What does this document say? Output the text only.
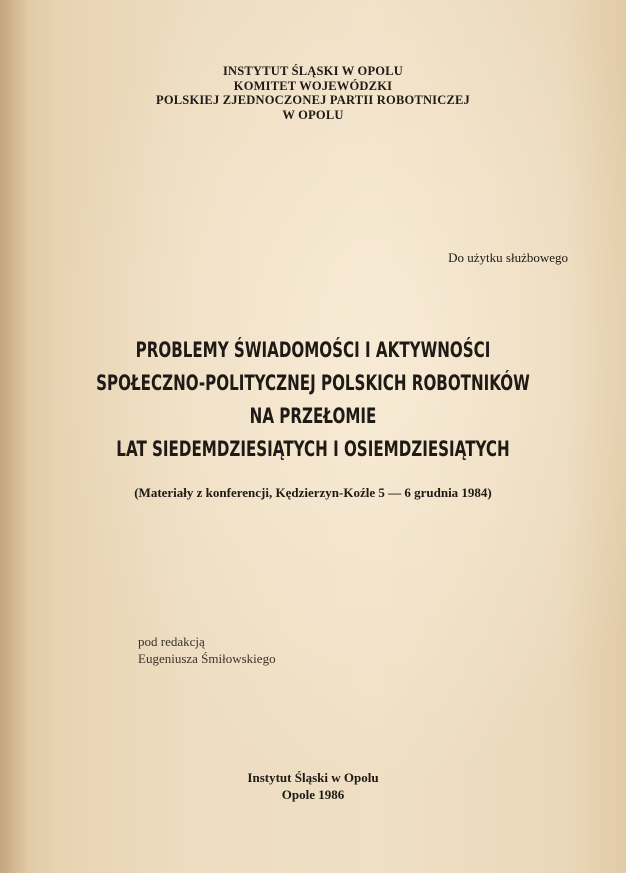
INSTYTUT ŚLĄSKI W OPOLU
KOMITET WOJEWÓDZKI
POLSKIEJ ZJEDNOCZONEJ PARTII ROBOTNICZEJ
W OPOLU
Do użytku służbowego
PROBLEMY ŚWIADOMOŚCI I AKTYWNOŚCI
SPOŁECZNO-POLITYCZNEJ POLSKICH ROBOTNIKÓW
NA PRZEŁOMIE
LAT SIEDEMDZIESIĄTYCH I OSIEMDZIESIĄTYCH
(Materiały z konferencji, Kędzierzyn-Koźle 5 — 6 grudnia 1984)
pod redakcją
Eugeniusza Śmiłowskiego
Instytut Śląski w Opolu
Opole 1986
